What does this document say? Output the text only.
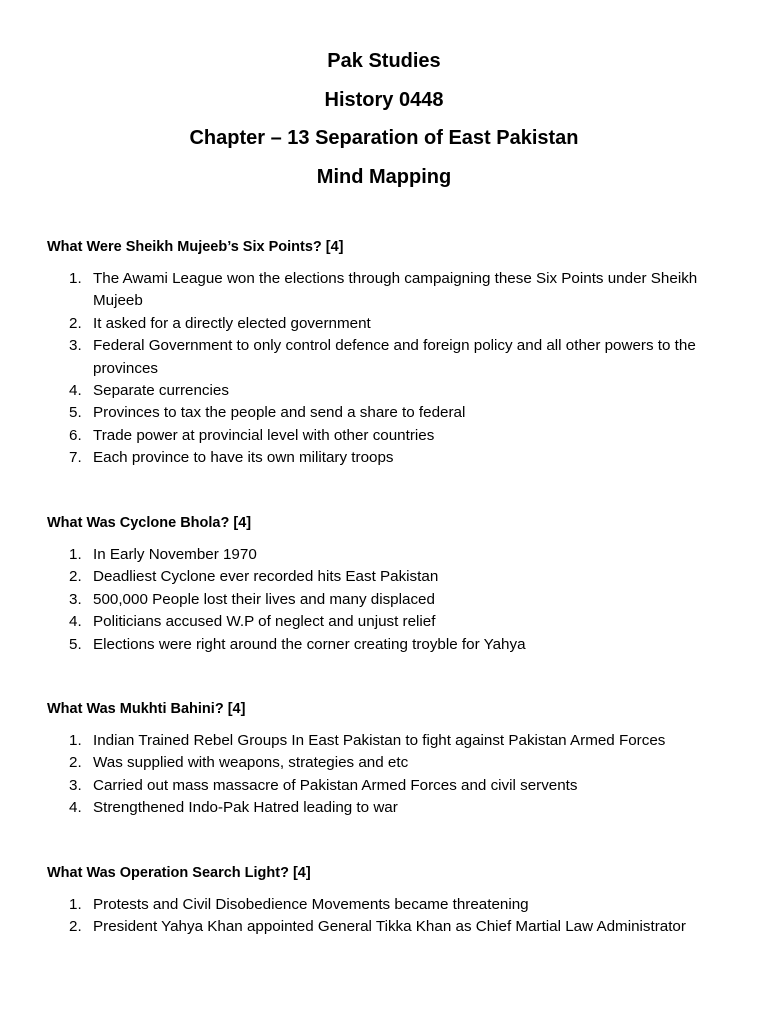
Pak Studies
History 0448
Chapter – 13 Separation of East Pakistan
Mind Mapping
What Were Sheikh Mujeeb’s Six Points? [4]
1. The Awami League won the elections through campaigning these Six Points under Sheikh Mujeeb
2. It asked for a directly elected government
3. Federal Government to only control defence and foreign policy and all other powers to the provinces
4. Separate currencies
5. Provinces to tax the people and send a share to federal
6. Trade power at provincial level with other countries
7. Each province to have its own military troops
What Was Cyclone Bhola? [4]
1. In Early November 1970
2. Deadliest Cyclone ever recorded hits East Pakistan
3. 500,000 People lost their lives and many displaced
4. Politicians accused W.P of neglect and unjust relief
5. Elections were right around the corner creating troyble for Yahya
What Was Mukhti Bahini? [4]
1. Indian Trained Rebel Groups In East Pakistan to fight against Pakistan Armed Forces
2. Was supplied with weapons, strategies and etc
3. Carried out mass massacre of Pakistan Armed Forces and civil servents
4. Strengthened Indo-Pak Hatred leading to war
What Was Operation Search Light? [4]
1. Protests and Civil Disobedience Movements became threatening
2. President Yahya Khan appointed General Tikka Khan as Chief Martial Law Administrator
